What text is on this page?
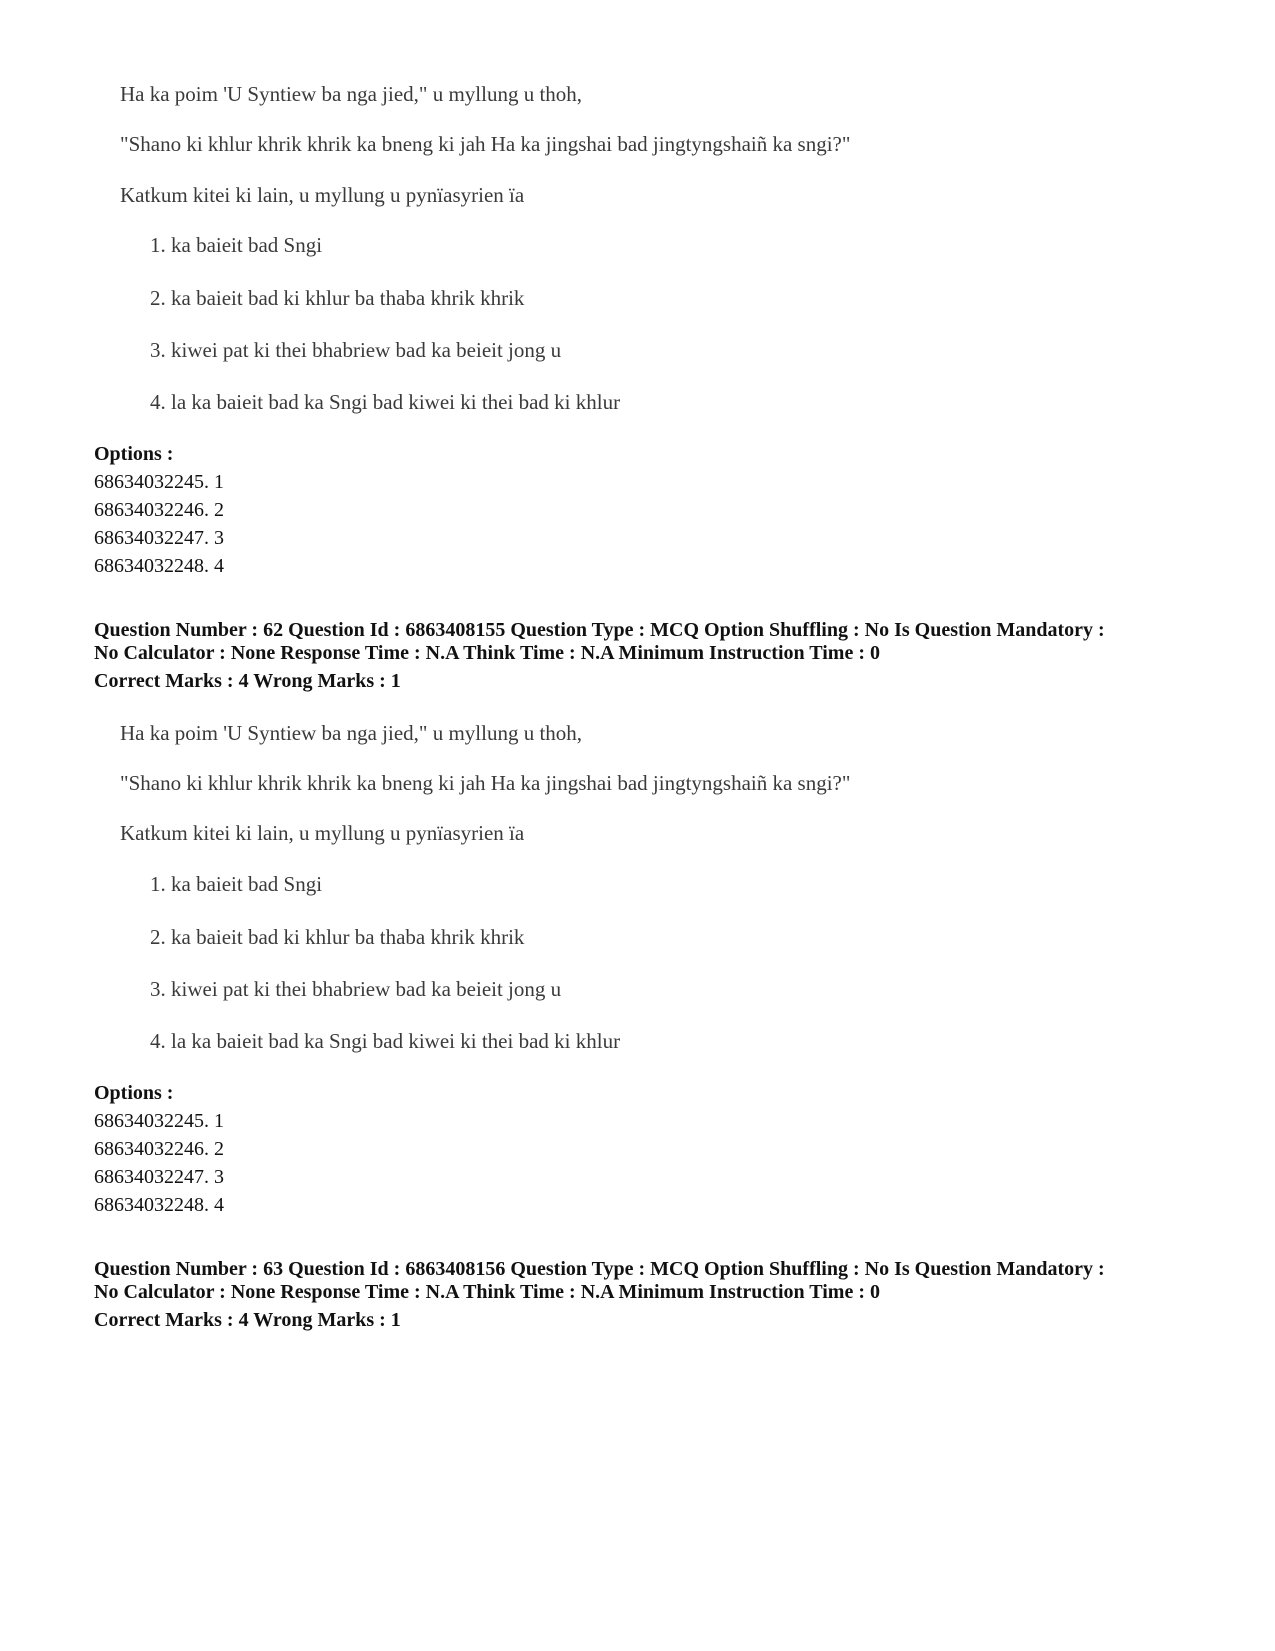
Ha ka poim 'U Syntiew ba nga jied," u myllung u thoh,
"Shano ki khlur khrik khrik ka bneng ki jah Ha ka jingshai bad jingtyngshaiñ ka sngi?"
Katkum kitei ki lain, u myllung u pynïasyrien ïa
1. ka baieit bad Sngi
2. ka baieit bad ki khlur ba thaba khrik khrik
3. kiwei pat ki thei bhabriew bad ka beieit jong u
4. la ka baieit bad ka Sngi bad kiwei ki thei bad ki khlur
Options :
68634032245. 1
68634032246. 2
68634032247. 3
68634032248. 4
Question Number : 62 Question Id : 6863408155 Question Type : MCQ Option Shuffling : No Is Question Mandatory :
No Calculator : None Response Time : N.A Think Time : N.A Minimum Instruction Time : 0
Correct Marks : 4 Wrong Marks : 1
Ha ka poim 'U Syntiew ba nga jied," u myllung u thoh,
"Shano ki khlur khrik khrik ka bneng ki jah Ha ka jingshai bad jingtyngshaiñ ka sngi?"
Katkum kitei ki lain, u myllung u pynïasyrien ïa
1. ka baieit bad Sngi
2. ka baieit bad ki khlur ba thaba khrik khrik
3. kiwei pat ki thei bhabriew bad ka beieit jong u
4. la ka baieit bad ka Sngi bad kiwei ki thei bad ki khlur
Options :
68634032245. 1
68634032246. 2
68634032247. 3
68634032248. 4
Question Number : 63 Question Id : 6863408156 Question Type : MCQ Option Shuffling : No Is Question Mandatory :
No Calculator : None Response Time : N.A Think Time : N.A Minimum Instruction Time : 0
Correct Marks : 4 Wrong Marks : 1
